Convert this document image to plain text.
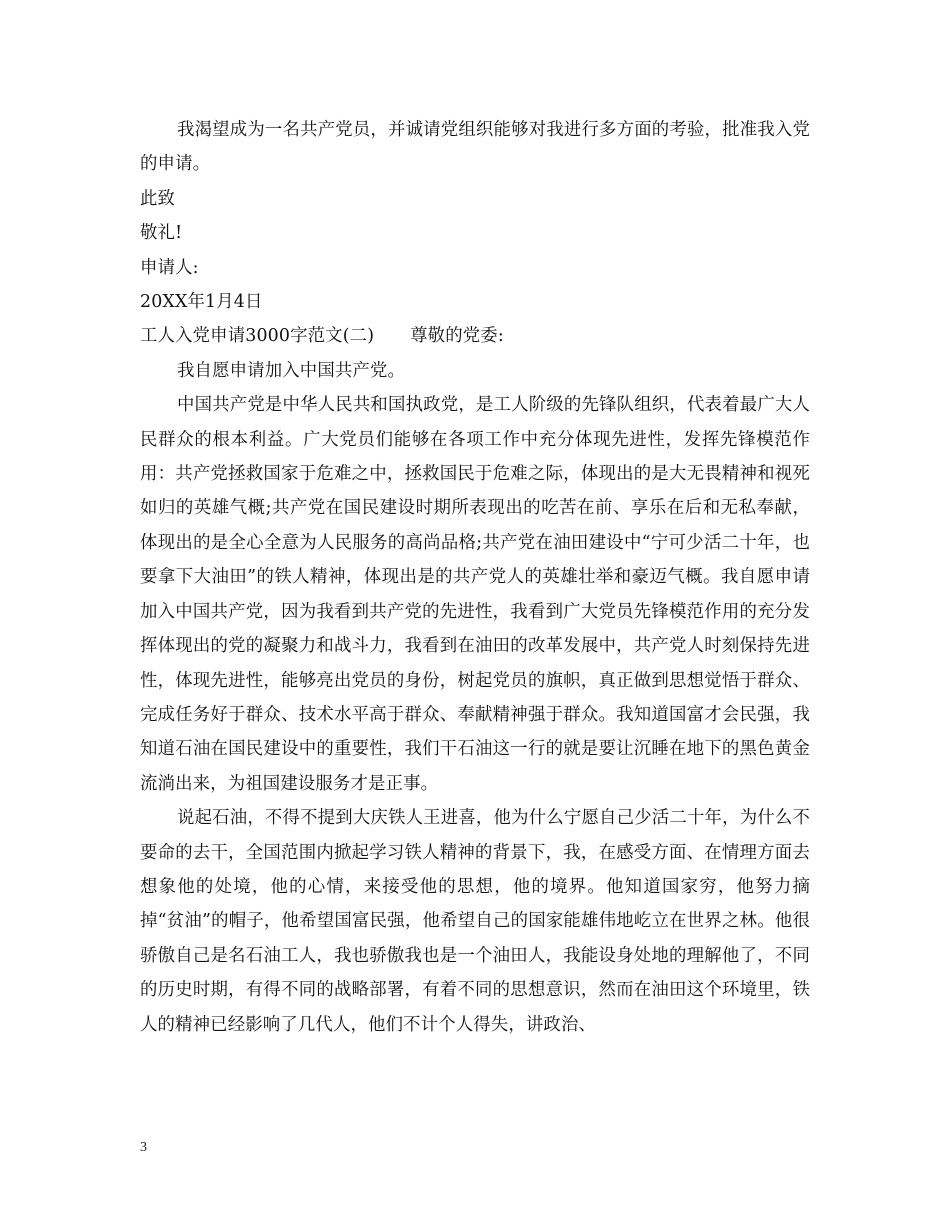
我渴望成为一名共产党员，并诚请党组织能够对我进行多方面的考验，批准我入党的申请。

此致

敬礼!

申请人:

20XX年1月4日

工人入党申请3000字范文(二) 尊敬的党委:

我自愿申请加入中国共产党。

中国共产党是中华人民共和国执政党，是工人阶级的先锋队组织，代表着最广大人民群众的根本利益。广大党员们能够在各项工作中充分体现先进性，发挥先锋模范作用：共产党拯救国家于危难之中，拯救国民于危难之际，体现出的是大无畏精神和视死如归的英雄气概;共产党在国民建设时期所表现出的吃苦在前、享乐在后和无私奉献，体现出的是全心全意为人民服务的高尚品格;共产党在油田建设中“宁可少活二十年，也要拿下大油田”的铁人精神，体现出是的共产党人的英雄壮举和豪迈气概。我自愿申请加入中国共产党，因为我看到共产党的先进性，我看到广大党员先锋模范作用的充分发挥体现出的党的凝聚力和战斗力，我看到在油田的改革发展中，共产党人时刻保持先进性，体现先进性，能够亮出党员的身份，树起党员的旗帜，真正做到思想觉悟于群众、完成任务好于群众、技术水平高于群众、奉献精神强于群众。我知道国富才会民强，我知道石油在国民建设中的重要性，我们干石油这一行的就是要让沉睡在地下的黑色黄金流淌出来，为祖国建设服务才是正事。

说起石油，不得不提到大庆铁人王进喜，他为什么宁愿自己少活二十年，为什么不要命的去干，全国范围内掀起学习铁人精神的背景下，我，在感受方面、在情理方面去想象他的处境，他的心情，来接受他的思想，他的境界。他知道国家穷，他努力摘掉“贫油”的帽子，他希望国富民强，他希望自己的国家能雄伟地屹立在世界之林。他很骄傲自己是名石油工人，我也骄傲我也是一个油田人，我能设身处地的理解他了，不同的历史时期，有得不同的战略部署，有着不同的思想意识，然而在油田这个环境里，铁人的精神已经影响了几代人，他们不计个人得失，讲政治、

3
